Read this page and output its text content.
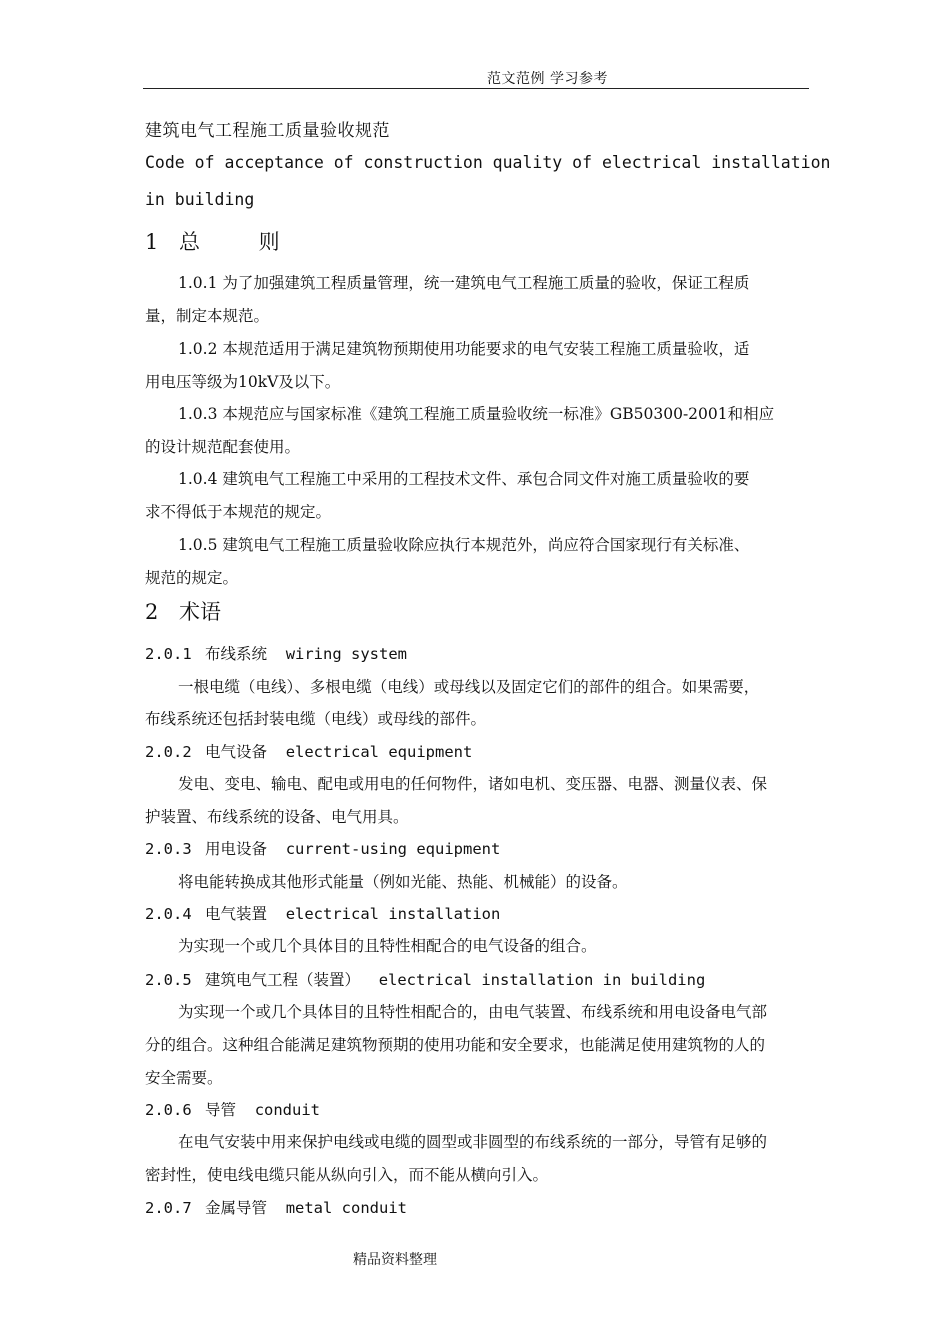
范文范例 学习参考
建筑电气工程施工质量验收规范
Code of acceptance of construction quality of electrical installation
in building
1 总 则
1.0.1 为了加强建筑工程质量管理，统一建筑电气工程施工质量的验收，保证工程质
量，制定本规范。
1.0.2 本规范适用于满足建筑物预期使用功能要求的电气安装工程施工质量验收，适
用电压等级为10kV及以下。
1.0.3 本规范应与国家标准《建筑工程施工质量验收统一标准》GB50300-2001和相应
的设计规范配套使用。
1.0.4 建筑电气工程施工中采用的工程技术文件、承包合同文件对施工质量验收的要
求不得低于本规范的规定。
1.0.5 建筑电气工程施工质量验收除应执行本规范外，尚应符合国家现行有关标准、
规范的规定。
2 术语
2.0.1 布线系统 wiring system
一根电缆（电线）、多根电缆（电线）或母线以及固定它们的部件的组合。如果需要，
布线系统还包括封装电缆（电线）或母线的部件。
2.0.2 电气设备 electrical equipment
发电、变电、输电、配电或用电的任何物件，诸如电机、变压器、电器、测量仪表、保
护装置、布线系统的设备、电气用具。
2.0.3 用电设备 current-using equipment
将电能转换成其他形式能量（例如光能、热能、机械能）的设备。
2.0.4 电气装置 electrical installation
为实现一个或几个具体目的且特性相配合的电气设备的组合。
2.0.5 建筑电气工程（装置） electrical installation in building
为实现一个或几个具体目的且特性相配合的，由电气装置、布线系统和用电设备电气部
分的组合。这种组合能满足建筑物预期的使用功能和安全要求，也能满足使用建筑物的人的
安全需要。
2.0.6 导管 conduit
在电气安装中用来保护电线或电缆的圆型或非圆型的布线系统的一部分，导管有足够的
密封性，使电线电缆只能从纵向引入，而不能从横向引入。
2.0.7 金属导管 metal conduit
精品资料整理
